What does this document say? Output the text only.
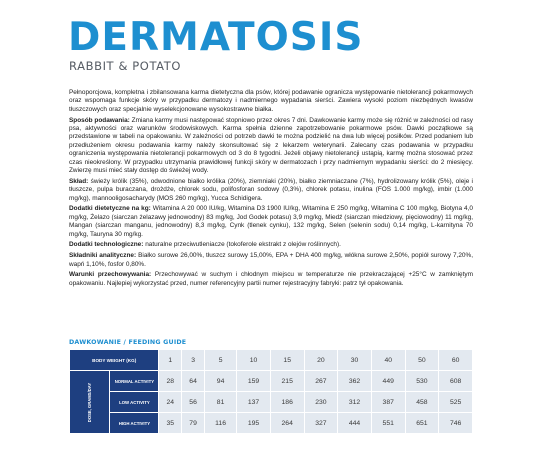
DERMATOSIS
RABBIT & POTATO

Pełnoporcjowa, kompletna i zbilansowana karma dietetyczna dla psów, której podawanie ogranicza występowanie nietolerancji pokarmowych oraz wspomaga funkcje skóry w przypadku dermatozy i nadmiernego wypadania sierści. Zawiera wysoki poziom niezbędnych kwasów tłuszczowych oraz specjalnie wyselekcjonowane wysokostrawne białka.

Sposób podawania: Zmiana karmy musi następować stopniowo przez okres 7 dni. Dawkowanie karmy może się różnić w zależności od rasy psa, aktywności oraz warunków środowiskowych. Karma spełnia dzienne zapotrzebowanie pokarmowe psów. Dawki początkowe są przedstawione w tabeli na opakowaniu. W zależności od potrzeb dawki te można podzielić na dwa lub więcej posiłków. Przed podaniem lub przedłużeniem okresu podawania karmy należy skonsultować się z lekarzem weterynarii. Zalecany czas podawania w przypadku ograniczenia występowania nietolerancji pokarmowych od 3 do 8 tygodni. Jeżeli objawy nietolerancji ustąpią, karmę można stosować przez czas nieokreślony. W przypadku utrzymania prawidłowej funkcji skóry w dermatozach i przy nadmiernym wypadaniu sierści: do 2 miesięcy. Zwierzę musi mieć stały dostęp do świeżej wody.

Skład: świeży królik (35%), odwodnione białko królika (20%), ziemniaki (20%), białko ziemniaczane (7%), hydrolizowany królik (5%), oleje i tłuszcze, pulpa buraczana, drożdże, chlorek sodu, polifosforan sodowy (0,3%), chlorek potasu, inulina (FOS 1.000 mg/kg), imbir (1.000 mg/kg), mannooligosacharydy (MOS 260 mg/kg), Yucca Schidigera.

Dodatki dietetyczne na kg: Witamina A 20 000 IU/kg, Witamina D3 1900 IU/kg, Witamina E 250 mg/kg, Witamina C 100 mg/kg, Biotyna 4,0 mg/kg, Żelazo (siarczan żelazawy jednowodny) 83 mg/kg, Jod Godek potasu) 3,9 mg/kg, Miedź (siarczan miedziowy, pięciowodny) 11 mg/kg, Mangan (siarczan manganu, jednowodny) 8,3 mg/kg, Cynk (tlenek cynku), 132 mg/kg, Selen (selenin sodu) 0,14 mg/kg, L-karnityna 70 mg/kg, Tauryna 30 mg/kg.

Dodatki technologiczne: naturalne przeciwutleniacze (tokoferole ekstrakt z olejów roślinnych).

Składniki analityczne: Białko surowe 26,00%, tłuszcz surowy 15,00%, EPA + DHA 400 mg/kg, włókna surowe 2,50%, popiół surowy 7,20%, wapń 1,10%, fosfor 0,80%.

Warunki przechowywania: Przechowywać w suchym i chłodnym miejscu w temperaturze nie przekraczającej +25°C w zamkniętym opakowaniu. Najlepiej wykorzystać przed, numer referencyjny partii numer rejestracyjny fabryki: patrz tył opakowania.

DAWKOWANIE / FEEDING GUIDE
BODY WEIGHT (KG)		1	3	5	10	15	20	30	40	50	60
DOSE, GRAMS/DAY	NORMAL ACTIVITY	28	64	94	159	215	267	362	449	530	608
	LOW ACTIVITY	24	56	81	137	186	230	312	387	458	525
	HIGH ACTIVITY	35	79	116	195	264	327	444	551	651	746
